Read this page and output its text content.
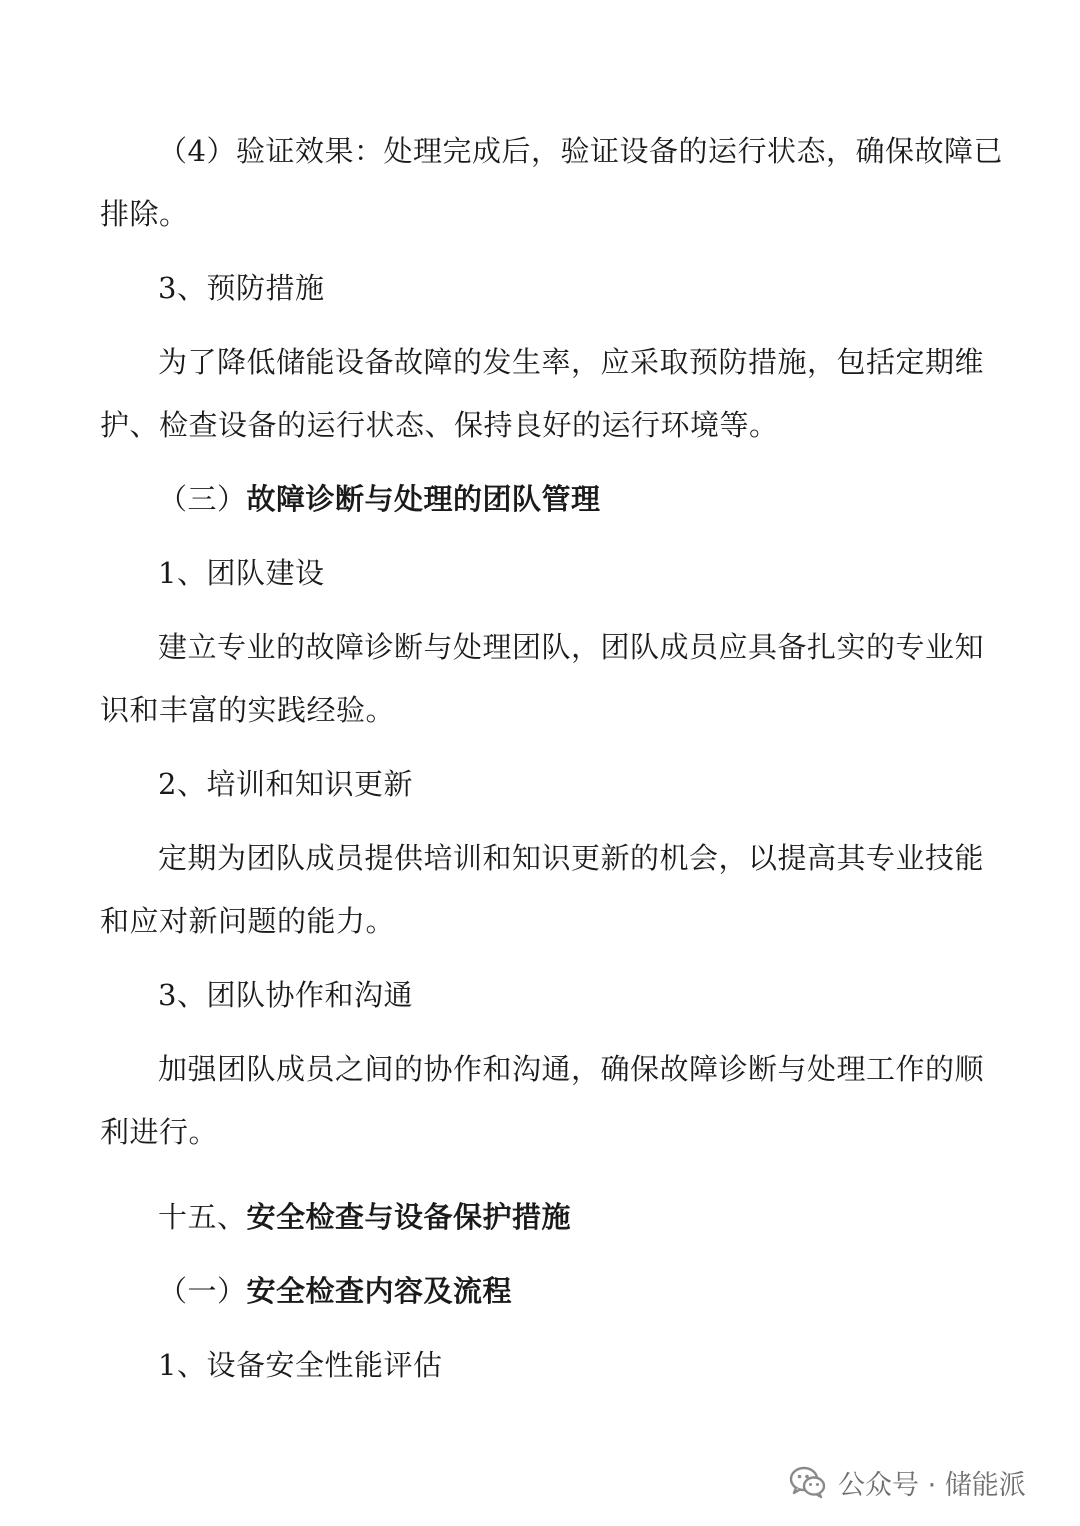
（4）验证效果：处理完成后，验证设备的运行状态，确保故障已
排除。
3、预防措施
为了降低储能设备故障的发生率，应采取预防措施，包括定期维
护、检查设备的运行状态、保持良好的运行环境等。
（三）故障诊断与处理的团队管理
1、团队建设
建立专业的故障诊断与处理团队，团队成员应具备扎实的专业知
识和丰富的实践经验。
2、培训和知识更新
定期为团队成员提供培训和知识更新的机会，以提高其专业技能
和应对新问题的能力。
3、团队协作和沟通
加强团队成员之间的协作和沟通，确保故障诊断与处理工作的顺
利进行。
十五、安全检查与设备保护措施
（一）安全检查内容及流程
1、设备安全性能评估
公众号 · 储能派
